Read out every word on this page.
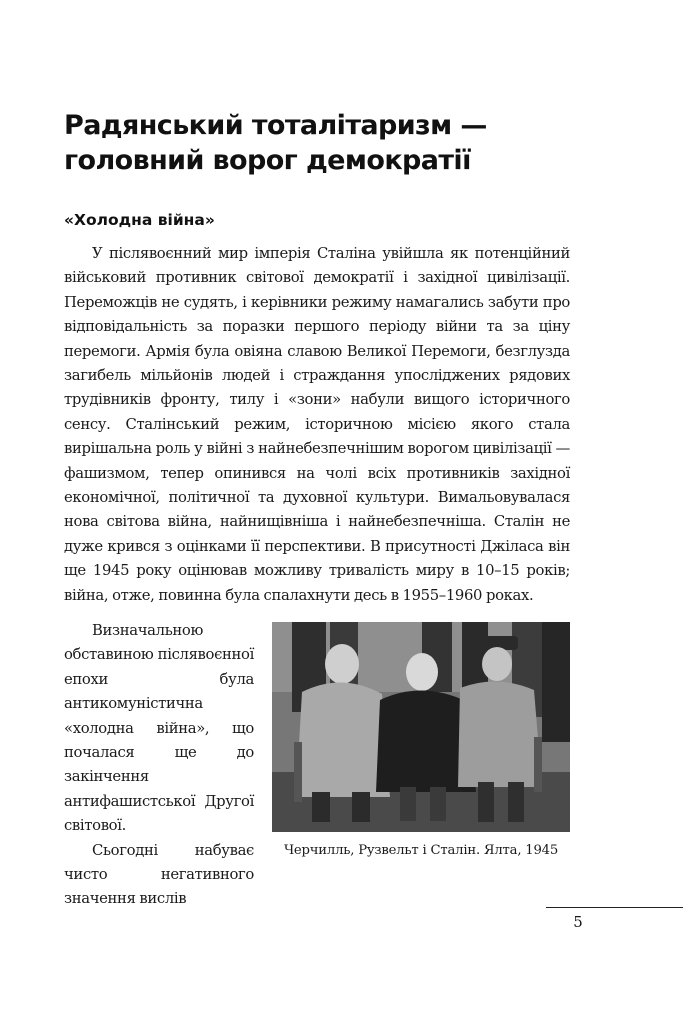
Радянський тоталітаризм —
головний ворог демократії
«Холодна війна»

У післявоєнний мир імперія Сталіна увійшла як потенційний військовий противник світової демократії і західної цивілізації. Переможців не судять, і керівники режиму намагались забути про відповідальність за поразки першого періоду війни та за ціну перемоги. Армія була овіяна славою Великої Перемоги, безглузда загибель мільйонів людей і страждання упосліджених рядових трудівників фронту, тилу і «зони» набули вищого історичного сенсу. Сталінський режим, історичною місією якого стала вирішальна роль у війні з найнебезпечнішим ворогом цивілізації — фашизмом, тепер опинився на чолі всіх противників західної економічної, політичної та духовної культури. Вимальовувалася нова світова війна, найнищівніша і найнебезпечніша. Сталін не дуже крився з оцінками її перспективи. В присутності Джіласа він ще 1945 року оцінював можливу тривалість миру в 10–15 років; війна, отже, повинна була спалахнути десь в 1955–1960 роках.

Визначальною обставиною післявоєнної епохи була антикомуністична «холодна війна», що почалася ще до закінчення антифашистської Другої світової.

Сьогодні набуває чисто негативного значення вислів

Черчилль, Рузвельт і Сталін. Ялта, 1945
5
